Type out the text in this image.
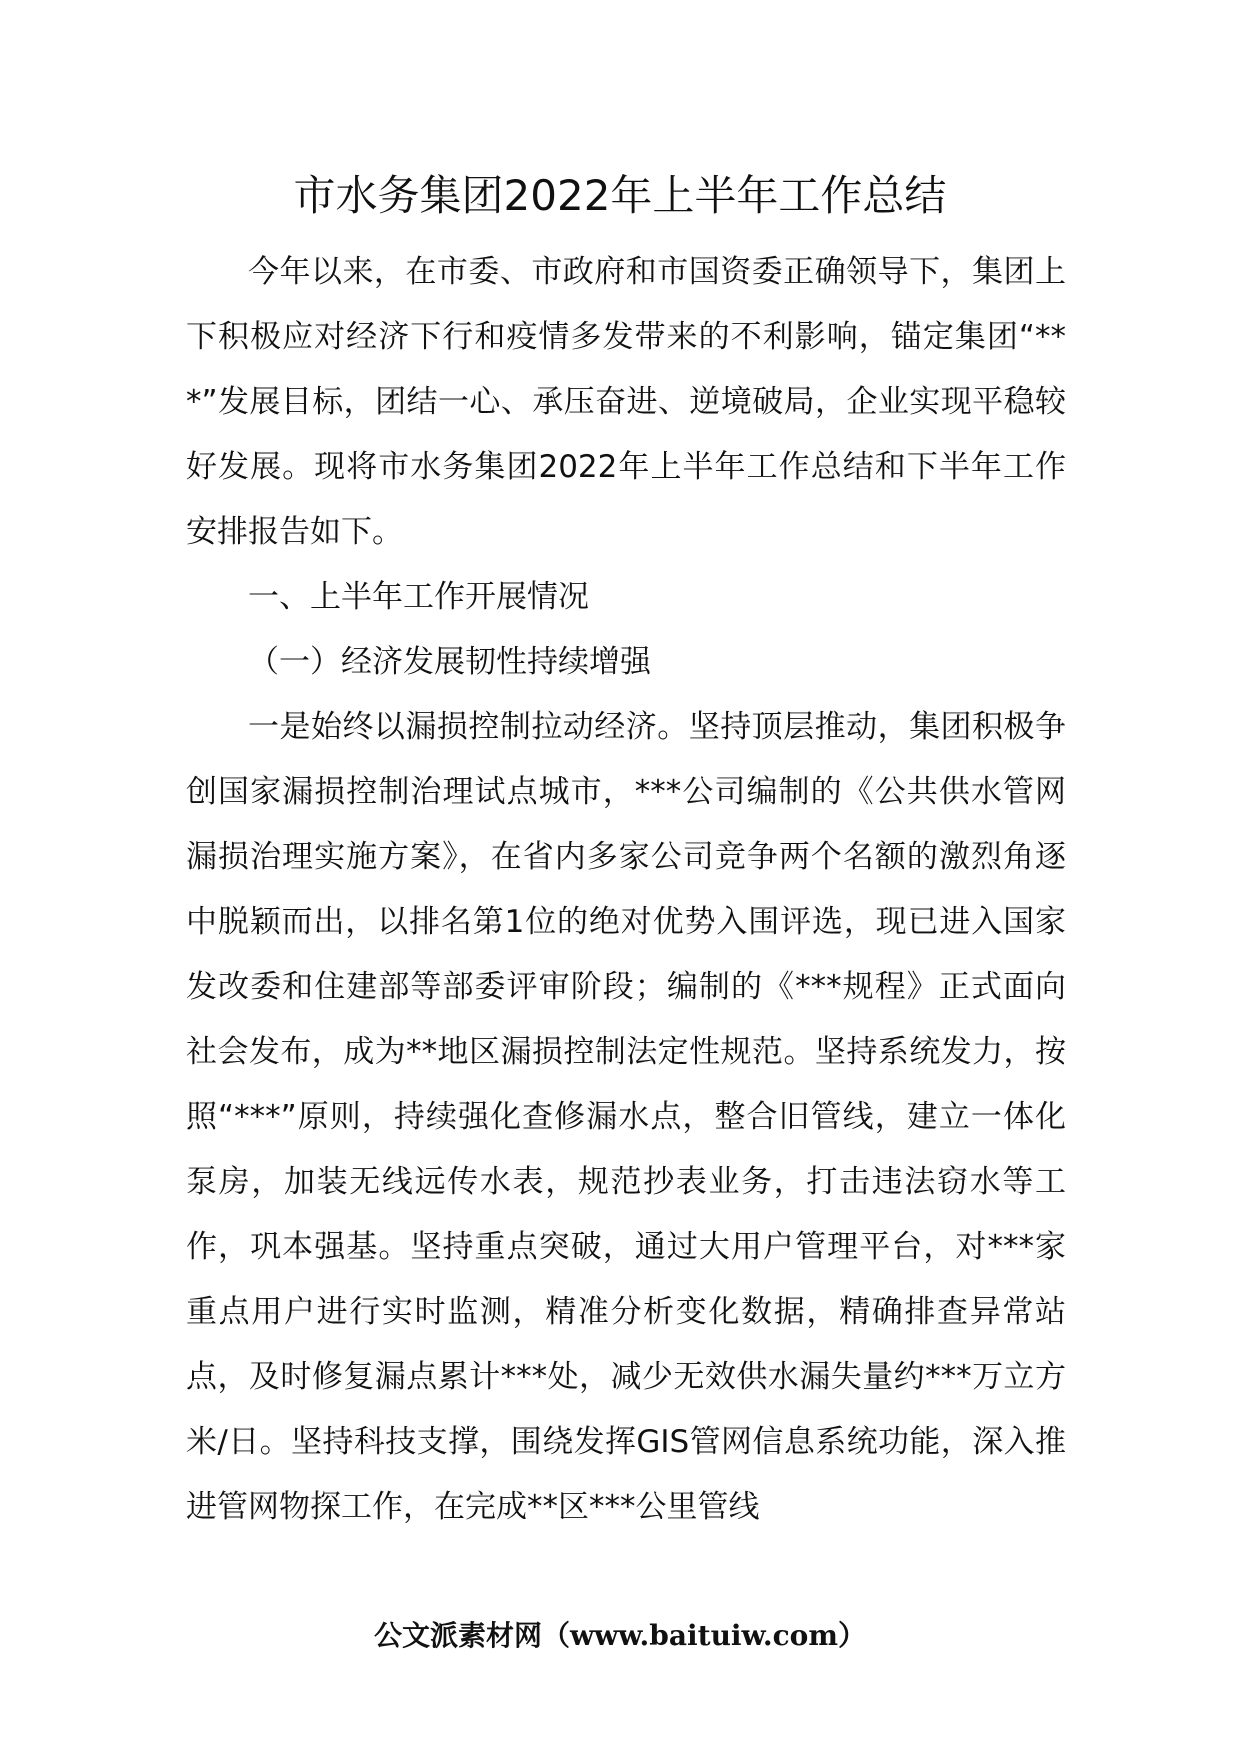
市水务集团2022年上半年工作总结

今年以来，在市委、市政府和市国资委正确领导下，集团上下积极应对经济下行和疫情多发带来的不利影响，锚定集团“***”发展目标，团结一心、承压奋进、逆境破局，企业实现平稳较好发展。现将市水务集团2022年上半年工作总结和下半年工作安排报告如下。

一、上半年工作开展情况

（一）经济发展韧性持续增强

一是始终以漏损控制拉动经济。坚持顶层推动，集团积极争创国家漏损控制治理试点城市，***公司编制的《公共供水管网漏损治理实施方案》，在省内多家公司竞争两个名额的激烈角逐中脱颖而出，以排名第1位的绝对优势入围评选，现已进入国家发改委和住建部等部委评审阶段；编制的《***规程》正式面向社会发布，成为**地区漏损控制法定性规范。坚持系统发力，按照“***”原则，持续强化查修漏水点，整合旧管线，建立一体化泵房，加装无线远传水表，规范抄表业务，打击违法窃水等工作，巩本强基。坚持重点突破，通过大用户管理平台，对***家重点用户进行实时监测，精准分析变化数据，精确排查异常站点，及时修复漏点累计***处，减少无效供水漏失量约***万立方米/日。坚持科技支撑，围绕发挥GIS管网信息系统功能，深入推进管网物探工作，在完成**区***公里管线

公文派素材网（www.baituiw.com）
